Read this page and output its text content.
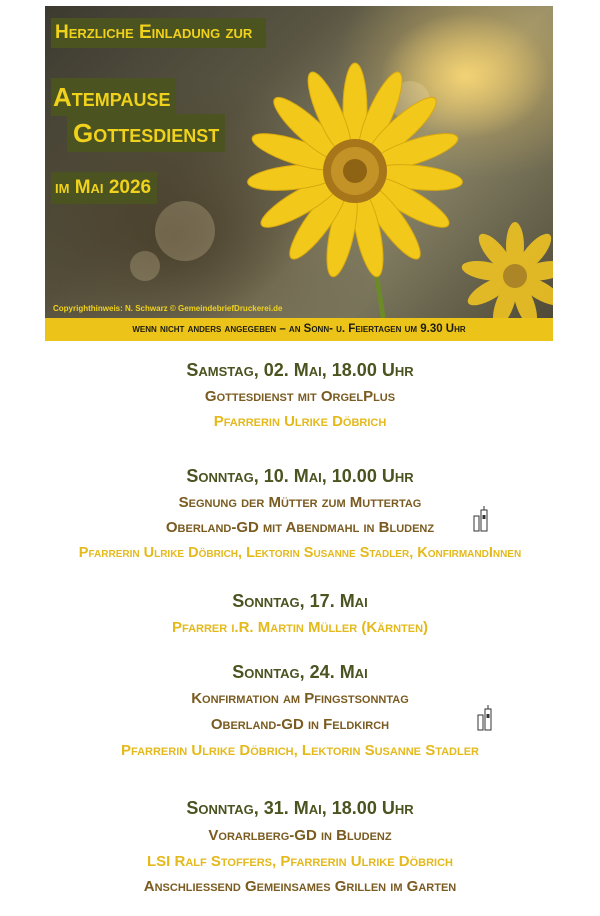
Herzliche Einladung zur
Atempause
Gottesdienst
im Mai 2026
Copyrighthinweis: N. Schwarz © GemeindebriefDruckerei.de
wenn nicht anders angegeben – an Sonn- u. Feiertagen um 9.30 Uhr
Samstag, 02. Mai, 18.00 Uhr
Gottesdienst mit OrgelPlus
Pfarrerin Ulrike Döbrich
Sonntag, 10. Mai, 10.00 Uhr
Segnung der Mütter zum Muttertag
Oberland-GD mit Abendmahl in Bludenz
Pfarrerin Ulrike Döbrich, Lektorin Susanne Stadler, KonfirmandInnen
Sonntag, 17. Mai
Pfarrer i.R. Martin Müller (Kärnten)
Sonntag, 24. Mai
Konfirmation am Pfingstsonntag
Oberland-GD in Feldkirch
Pfarrerin Ulrike Döbrich, Lektorin Susanne Stadler
Sonntag, 31. Mai, 18.00 Uhr
Vorarlberg-GD in Bludenz
LSI Ralf Stoffers, Pfarrerin Ulrike Döbrich
Anschließend Gemeinsames Grillen im Garten
